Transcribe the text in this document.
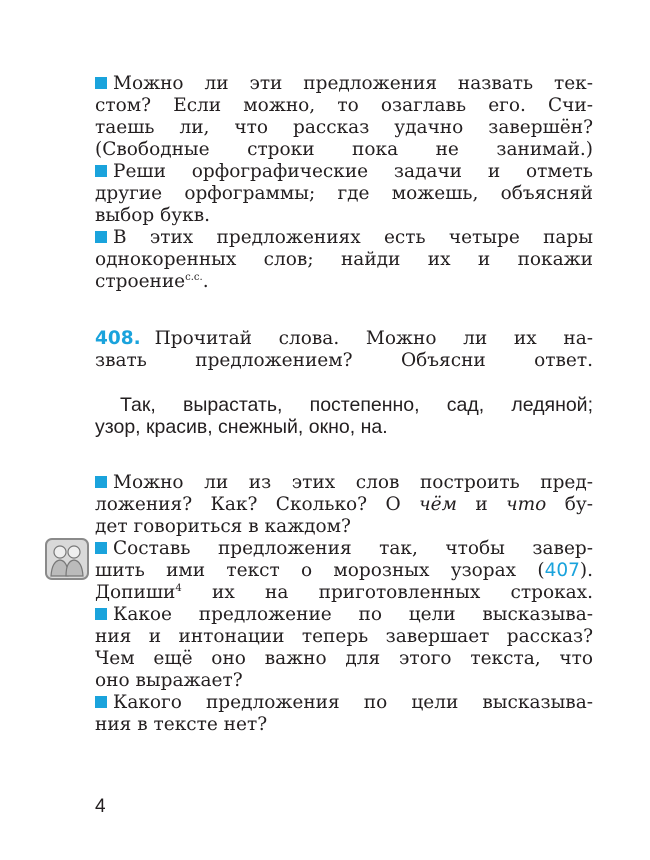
Можно ли эти предложения назвать тек-
стом? Если можно, то озаглавь его. Счи-
таешь ли, что рассказ удачно завершён?
(Свободные строки пока не занимай.)
Реши орфографические задачи и отметь
другие орфограммы; где можешь, объясняй
выбор букв.
В этих предложениях есть четыре пары
однокоренных слов; найди их и покажи
строение$^{с.с.}$.
408. Прочитай слова. Можно ли их на-
звать предложением? Объясни ответ.
Так, вырастать, постепенно, сад, ледяной;
узор, красив, снежный, окно, на.
Можно ли из этих слов построить пред-
ложения? Как? Сколько? О чём и что бу-
дет говориться в каждом?
Составь предложения так, чтобы завер-
шить ими текст о морозных узорах (407).
Допиши$^4$ их на приготовленных строках.
Какое предложение по цели высказыва-
ния и интонации теперь завершает рассказ?
Чем ещё оно важно для этого текста, что
оно выражает?
Какого предложения по цели высказыва-
ния в тексте нет?
4
